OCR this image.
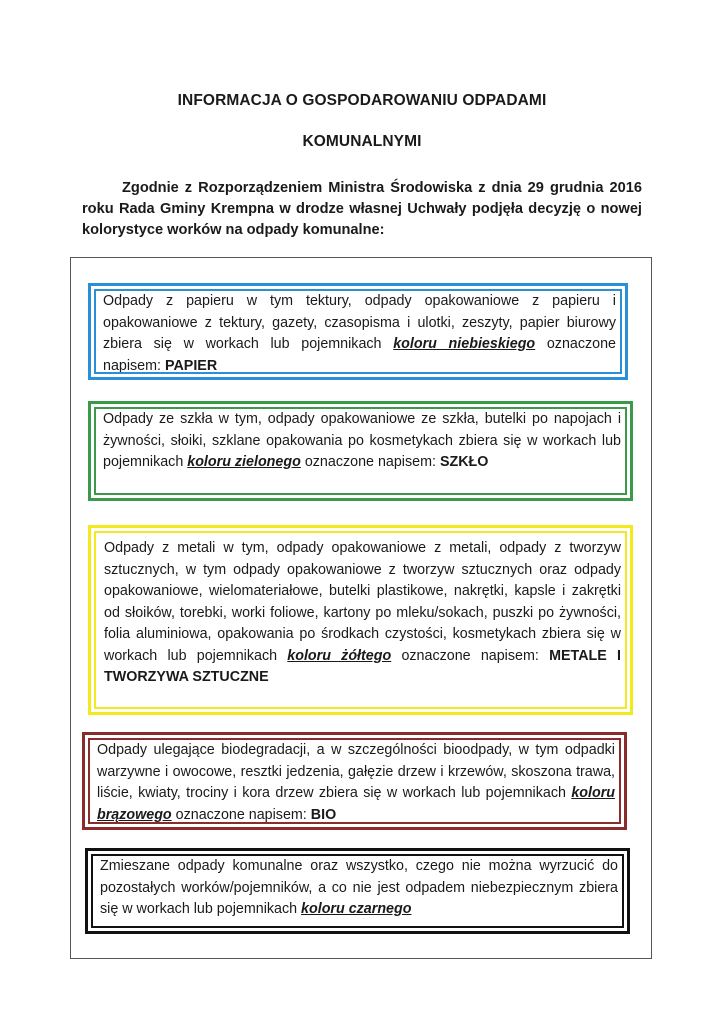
INFORMACJA O GOSPODAROWANIU ODPADAMI
KOMUNALNYMI

Zgodnie z Rozporządzeniem Ministra Środowiska z dnia 29 grudnia 2016 roku Rada Gminy Krempna w drodze własnej Uchwały podjęła decyzję o nowej kolorystyce worków na odpady komunalne:

Odpady z papieru w tym tektury, odpady opakowaniowe z papieru i opakowaniowe z tektury, gazety, czasopisma i ulotki, zeszyty, papier biurowy zbiera się w workach lub pojemnikach koloru niebieskiego oznaczone napisem: PAPIER
Odpady ze szkła w tym, odpady opakowaniowe ze szkła, butelki po napojach i żywności, słoiki, szklane opakowania po kosmetykach zbiera się w workach lub pojemnikach koloru zielonego oznaczone napisem: SZKŁO
Odpady z metali w tym, odpady opakowaniowe z metali, odpady z tworzyw sztucznych, w tym odpady opakowaniowe z tworzyw sztucznych oraz odpady opakowaniowe, wielomateriałowe, butelki plastikowe, nakrętki, kapsle i zakrętki od słoików, torebki, worki foliowe, kartony po mleku/sokach, puszki po żywności, folia aluminiowa, opakowania po środkach czystości, kosmetykach zbiera się w workach lub pojemnikach koloru żółtego oznaczone napisem: METALE I TWORZYWA SZTUCZNE
Odpady ulegające biodegradacji, a w szczególności bioodpady, w tym odpadki warzywne i owocowe, resztki jedzenia, gałęzie drzew i krzewów, skoszona trawa, liście, kwiaty, trociny i kora drzew zbiera się w workach lub pojemnikach koloru brązowego oznaczone napisem: BIO
Zmieszane odpady komunalne oraz wszystko, czego nie można wyrzucić do pozostałych worków/pojemników, a co nie jest odpadem niebezpiecznym zbiera się w workach lub pojemnikach koloru czarnego
